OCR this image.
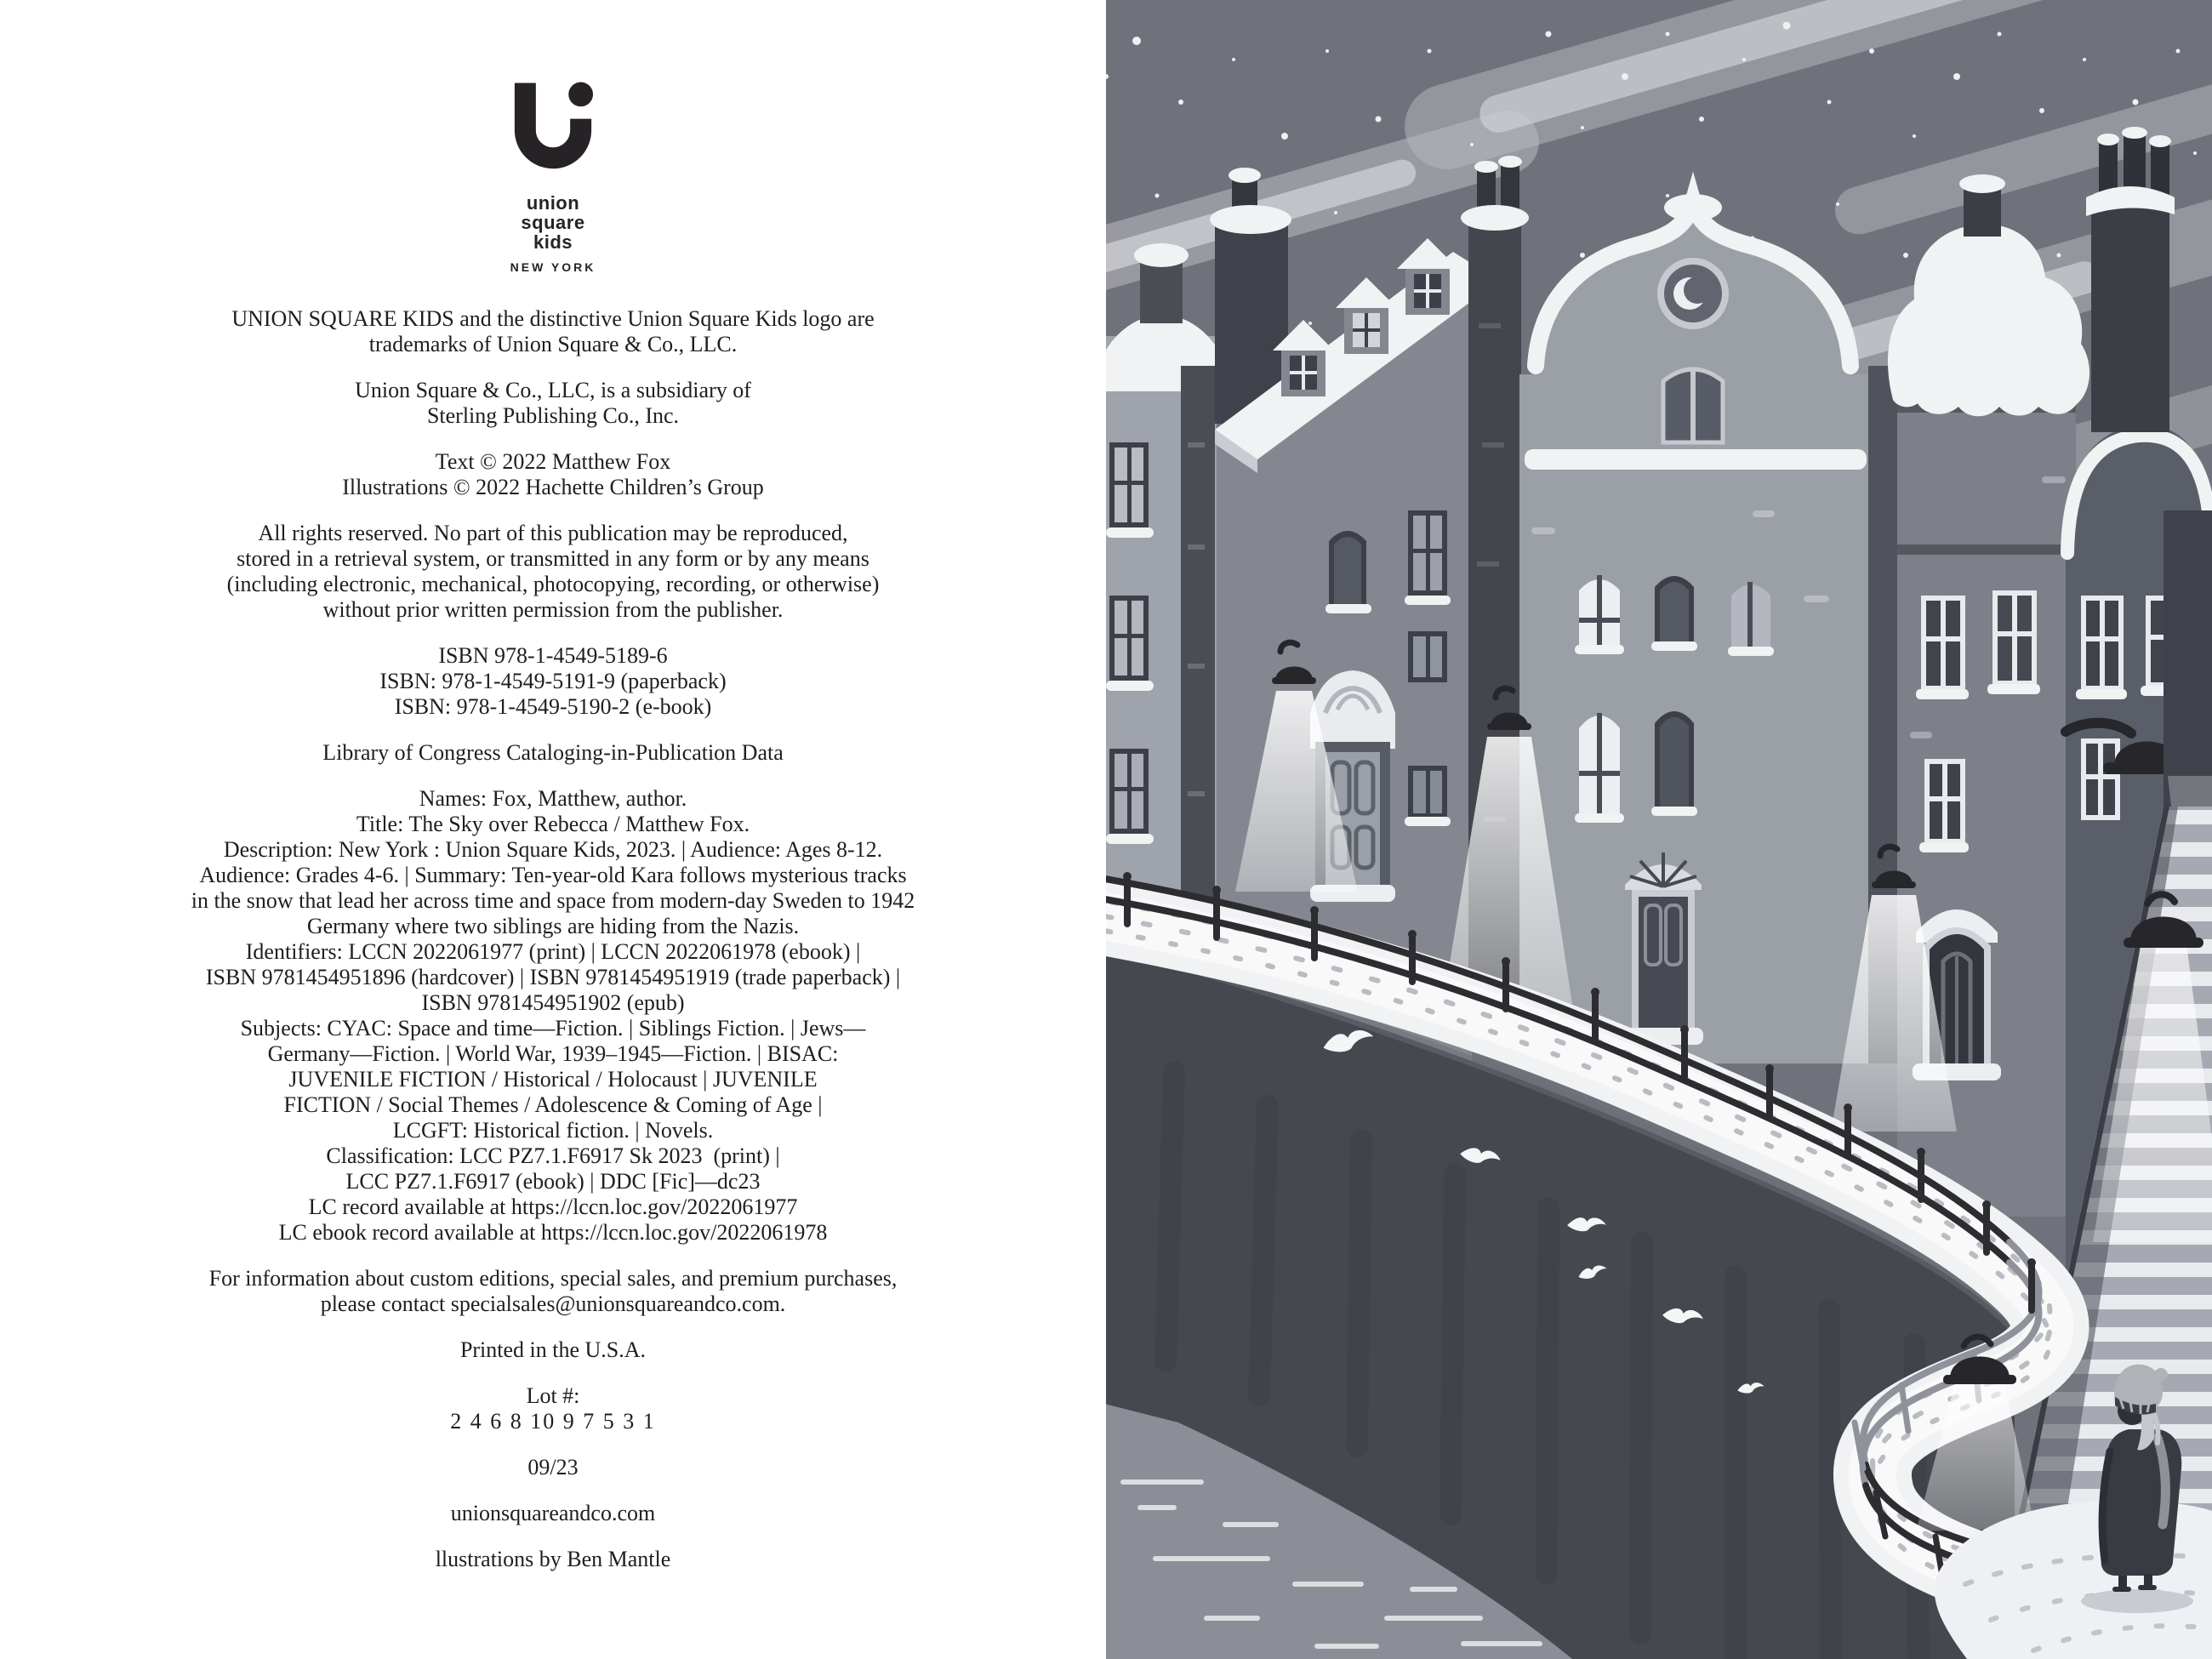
union
square
kids
NEW YORK
UNION SQUARE KIDS and the distinctive Union Square Kids logo are
trademarks of Union Square & Co., LLC.
Union Square & Co., LLC, is a subsidiary of
Sterling Publishing Co., Inc.
Text © 2022 Matthew Fox
Illustrations © 2022 Hachette Children’s Group
All rights reserved. No part of this publication may be reproduced,
stored in a retrieval system, or transmitted in any form or by any means
(including electronic, mechanical, photocopying, recording, or otherwise)
without prior written permission from the publisher.
ISBN 978-1-4549-5189-6
ISBN: 978-1-4549-5191-9 (paperback)
ISBN: 978-1-4549-5190-2 (e-book)
Library of Congress Cataloging-in-Publication Data
Names: Fox, Matthew, author.
Title: The Sky over Rebecca / Matthew Fox.
Description: New York : Union Square Kids, 2023. | Audience: Ages 8-12.
Audience: Grades 4-6. | Summary: Ten-year-old Kara follows mysterious tracks
in the snow that lead her across time and space from modern-day Sweden to 1942
Germany where two siblings are hiding from the Nazis.
Identifiers: LCCN 2022061977 (print) | LCCN 2022061978 (ebook) |
ISBN 9781454951896 (hardcover) | ISBN 9781454951919 (trade paperback) |
ISBN 9781454951902 (epub)
Subjects: CYAC: Space and time—Fiction. | Siblings Fiction. | Jews—
Germany—Fiction. | World War, 1939–1945—Fiction. | BISAC:
JUVENILE FICTION / Historical / Holocaust | JUVENILE
FICTION / Social Themes / Adolescence & Coming of Age |
LCGFT: Historical fiction. | Novels.
Classification: LCC PZ7.1.F6917 Sk 2023  (print) |
LCC PZ7.1.F6917 (ebook) | DDC [Fic]—dc23
LC record available at https://lccn.loc.gov/2022061977
LC ebook record available at https://lccn.loc.gov/2022061978
For information about custom editions, special sales, and premium purchases,
please contact specialsales@unionsquareandco.com.
Printed in the U.S.A.
Lot #:
2 4 6 8 10 9 7 5 3 1
09/23
unionsquareandco.com
llustrations by Ben Mantle
